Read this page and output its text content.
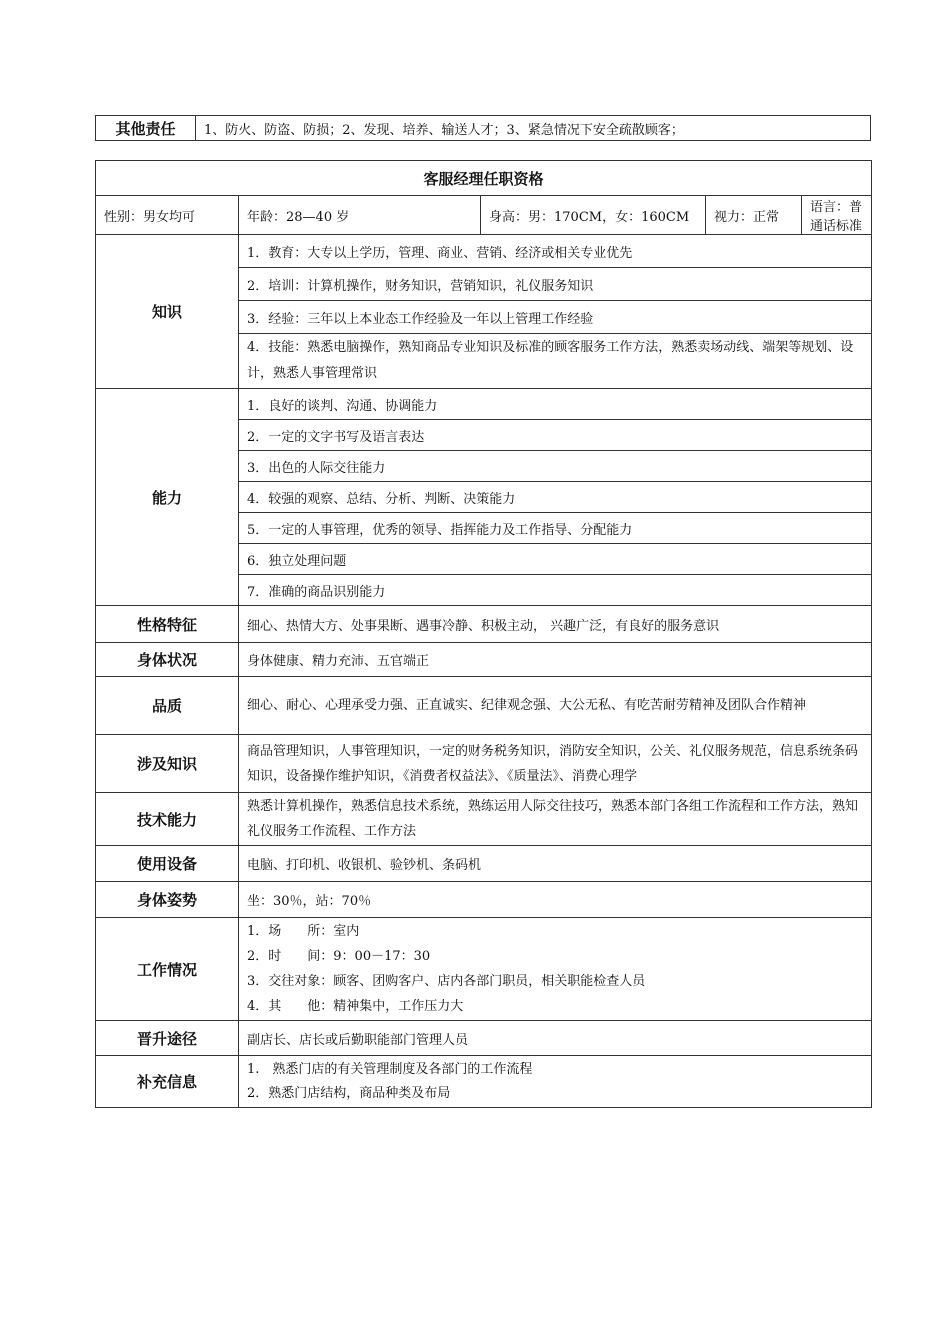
其他责任	1、防火、防盗、防损；2、发现、培养、输送人才；3、紧急情况下安全疏散顾客；
客服经理任职资格				
性别：男女均可	年龄：28—40 岁	身高：男：170CM，女：160CM	视力：正常	语言：普通话标准
知识	1．教育：大专以上学历，管理、商业、营销、经济或相关专业优先			
	2．培训：计算机操作，财务知识，营销知识，礼仪服务知识			
	3．经验：三年以上本业态工作经验及一年以上管理工作经验			
	4．技能：熟悉电脑操作，熟知商品专业知识及标准的顾客服务工作方法，熟悉卖场动线、端架等规划、设计，熟悉人事管理常识			
能力	1．良好的谈判、沟通、协调能力			
	2．一定的文字书写及语言表达			
	3．出色的人际交往能力			
	4．较强的观察、总结、分析、判断、决策能力			
	5．一定的人事管理，优秀的领导、指挥能力及工作指导、分配能力			
	6．独立处理问题			
	7．准确的商品识别能力			
性格特征	细心、热情大方、处事果断、遇事冷静、积极主动， 兴趣广泛，有良好的服务意识			
身体状况	身体健康、精力充沛、五官端正			
品质	细心、耐心、心理承受力强、正直诚实、纪律观念强、大公无私、有吃苦耐劳精神及团队合作精神			
涉及知识	商品管理知识，人事管理知识，一定的财务税务知识，消防安全知识，公关、礼仪服务规范，信息系统条码知识，设备操作维护知识，《消费者权益法》、《质量法》、消费心理学			
技术能力	熟悉计算机操作，熟悉信息技术系统，熟练运用人际交往技巧，熟悉本部门各组工作流程和工作方法，熟知礼仪服务工作流程、工作方法			
使用设备	电脑、打印机、收银机、验钞机、条码机			
身体姿势	坐：30％，站：70％			
工作情况	1．场　　所：室内
2．时　　间：9：00－17：30
3．交往对象：顾客、团购客户、店内各部门职员，相关职能检查人员
4．其　　他：精神集中，工作压力大			

晋升途径	副店长、店长或后勤职能部门管理人员			
补充信息	1.　熟悉门店的有关管理制度及各部门的工作流程
2．熟悉门店结构，商品种类及布局			
